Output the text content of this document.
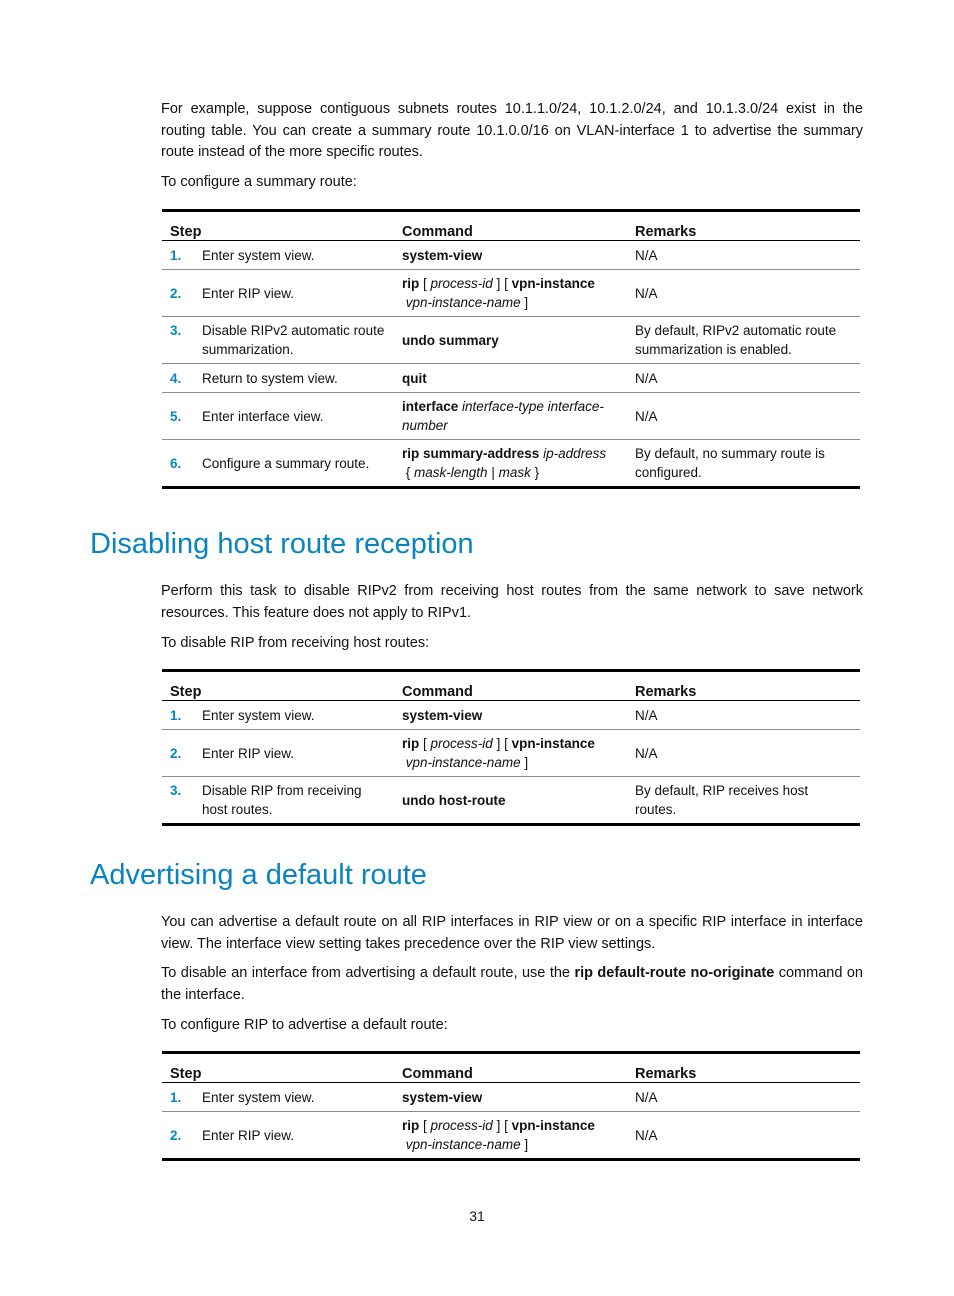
For example, suppose contiguous subnets routes 10.1.1.0/24, 10.1.2.0/24, and 10.1.3.0/24 exist in the routing table. You can create a summary route 10.1.0.0/16 on VLAN-interface 1 to advertise the summary route instead of the more specific routes.

To configure a summary route:

Step	Command	Remarks

1. Enter system view.	system-view	N/A

2. Enter RIP view.	rip [ process-id ] [ vpn-instance vpn-instance-name ]	N/A

3. Disable RIPv2 automatic route summarization.	undo summary	By default, RIPv2 automatic route summarization is enabled.

4. Return to system view.	quit	N/A

5. Enter interface view.	interface interface-type interface-number	N/A

6. Configure a summary route.	rip summary-address ip-address { mask-length | mask }	By default, no summary route is configured.
Disabling host route reception

Perform this task to disable RIPv2 from receiving host routes from the same network to save network resources. This feature does not apply to RIPv1.

To disable RIP from receiving host routes:

Step	Command	Remarks

1. Enter system view.	system-view	N/A

2. Enter RIP view.	rip [ process-id ] [ vpn-instance vpn-instance-name ]	N/A

3. Disable RIP from receiving host routes.	undo host-route	By default, RIP receives host routes.
Advertising a default route

You can advertise a default route on all RIP interfaces in RIP view or on a specific RIP interface in interface view. The interface view setting takes precedence over the RIP view settings.

To disable an interface from advertising a default route, use the rip default-route no-originate command on the interface.

To configure RIP to advertise a default route:

Step	Command	Remarks

1. Enter system view.	system-view	N/A

2. Enter RIP view.	rip [ process-id ] [ vpn-instance vpn-instance-name ]	N/A
31
